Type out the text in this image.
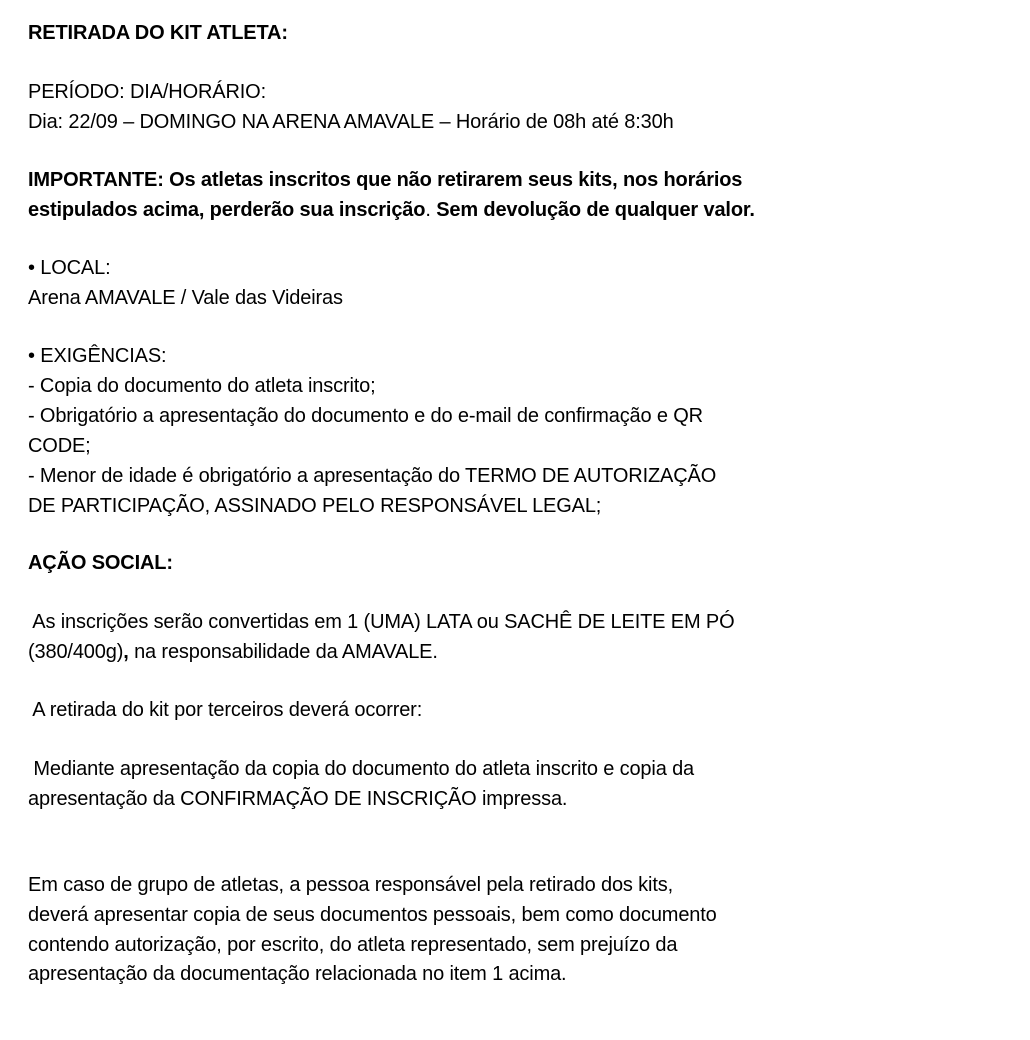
RETIRADA DO KIT ATLETA:
PERÍODO: DIA/HORÁRIO:
Dia: 22/09 – DOMINGO NA ARENA AMAVALE – Horário de 08h até 8:30h
IMPORTANTE: Os atletas inscritos que não retirarem seus kits, nos horários
estipulados acima, perderão sua inscrição. Sem devolução de qualquer valor.
• LOCAL:
Arena AMAVALE / Vale das Videiras
• EXIGÊNCIAS:
- Copia do documento do atleta inscrito;
- Obrigatório a apresentação do documento e do e-mail de confirmação e QR
CODE;
- Menor de idade é obrigatório a apresentação do TERMO DE AUTORIZAÇÃO
DE PARTICIPAÇÃO, ASSINADO PELO RESPONSÁVEL LEGAL;
AÇÃO SOCIAL:
As inscrições serão convertidas em 1 (UMA) LATA ou SACHÊ DE LEITE EM PÓ
(380/400g), na responsabilidade da AMAVALE.
A retirada do kit por terceiros deverá ocorrer:
Mediante apresentação da copia do documento do atleta inscrito e copia da
apresentação da CONFIRMAÇÃO DE INSCRIÇÃO impressa.
Em caso de grupo de atletas, a pessoa responsável pela retirado dos kits,
deverá apresentar copia de seus documentos pessoais, bem como documento
contendo autorização, por escrito, do atleta representado, sem prejuízo da
apresentação da documentação relacionada no item 1 acima.
